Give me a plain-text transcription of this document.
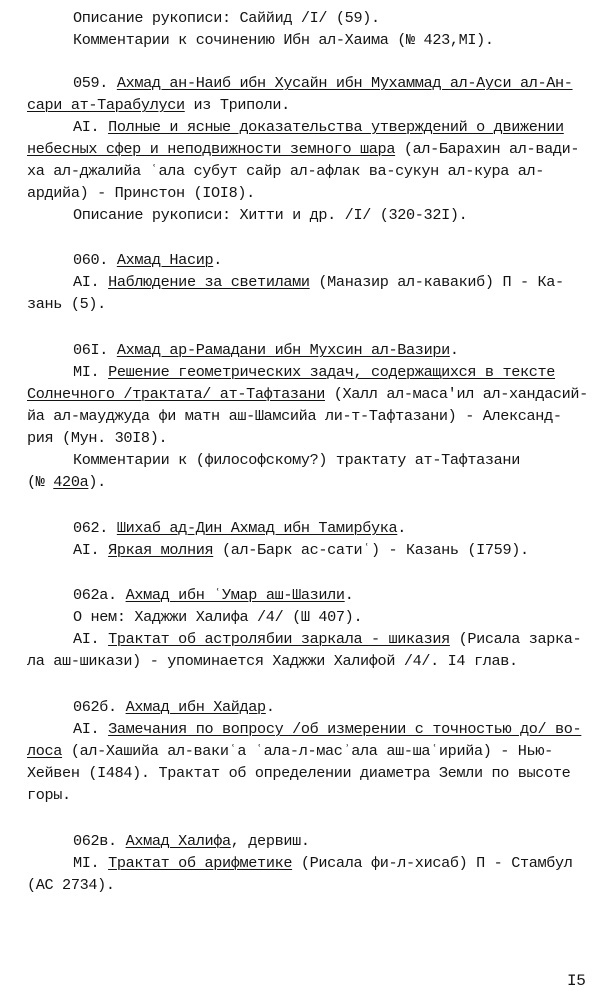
Описание рукописи: Саййид /I/ (59).
Комментарии к сочинению Ибн ал-Хаима (№ 423,МI).
059. Ахмад ан-Наиб ибн Хусайн ибн Мухаммад ал-Ауси ал-Ан-
сари ат-Тарабулуси из Триполи.
AI. Полные и ясные доказательства утверждений о движении
небесных сфер и неподвижности земного шара (ал-Барахин ал-вади-
ха ал-джалийа ʿала субут сайр ал-афлак ва-сукун ал-кура ал-
ардийа) - Принстон (IOI8).
Описание рукописи: Хитти и др. /I/ (320-32I).
060. Ахмад Насир.
AI. Наблюдение за светилами (Маназир ал-кавакиб) П - Ка-
зань (5).
06I. Ахмад ар-Рамадани ибн Мухсин ал-Вазири.
МI. Решение геометрических задач, содержащихся в тексте
Солнечного /трактата/ ат-Тафтазани (Халл ал-маса'ил ал-хандасий-
йа ал-мауджуда фи матн аш-Шамсийа ли-т-Тафтазани) - Александ-
рия (Мун. 30I8).
Комментарии к (философскому?) трактату ат-Тафтазани
(№ 420а).
062. Шихаб ад-Дин Ахмад ибн Тамирбука.
AI. Яркая молния (ал-Барк ас-сатиʿ) - Казань (I759).
062а. Ахмад ибн ʿУмар аш-Шазили.
О нем: Хаджжи Халифа /4/ (Ш 407).
AI. Трактат об астролябии заркала - шиказия (Рисала заркa-
ла аш-шикази) - упоминается Хаджжи Халифой /4/. I4 глав.
062б. Ахмад ибн Хайдар.
AI. Замечания по вопросу /об измерении с точностью до/ во-
лоса (ал-Хашийа ал-вакиʿа ʿала-л-масʾала аш-шаʿирийа) - Нью-
Хейвен (I484). Трактат об определении диаметра Земли по высоте
горы.
062в. Ахмад Халифа, дервиш.
МI. Трактат об арифметике (Рисала фи-л-хисаб) П - Стамбул
(АС 2734).
I5
